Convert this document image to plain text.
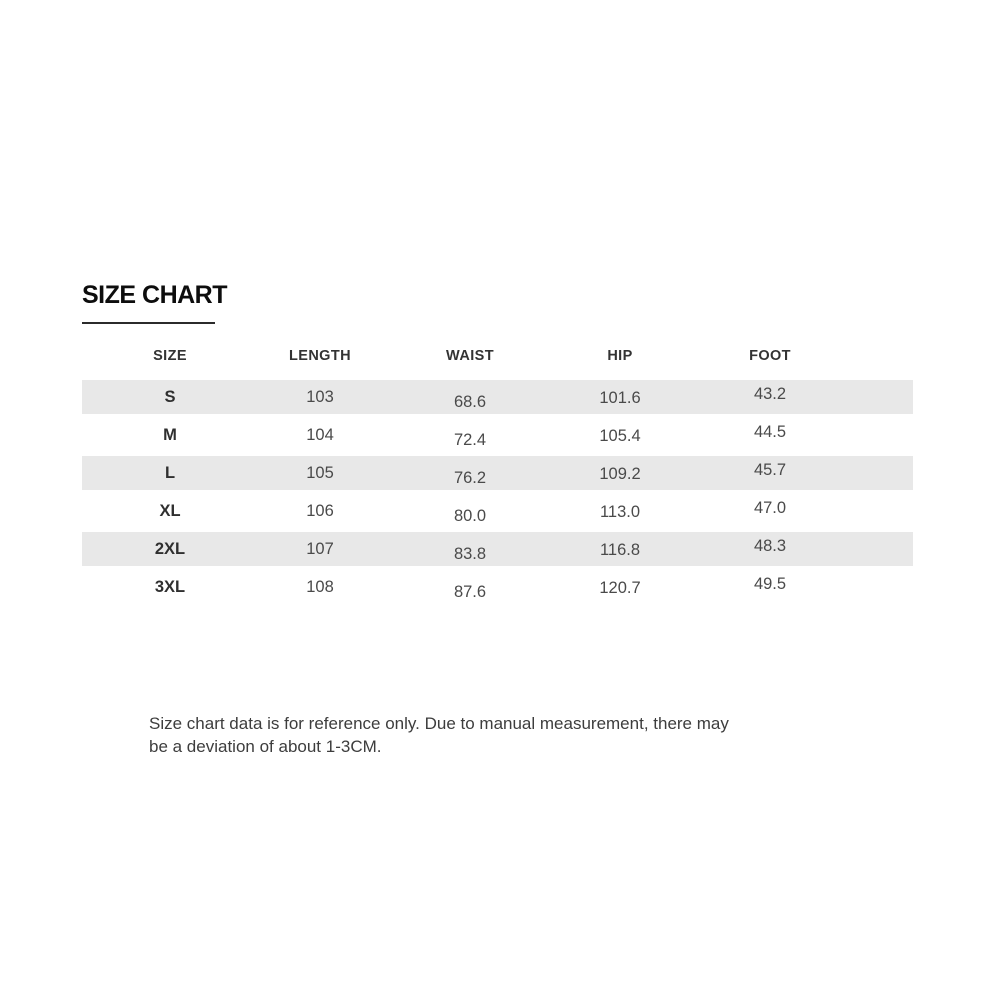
SIZE CHART
SIZE	LENGTH	WAIST	HIP	FOOT
S	103	68.6	101.6	43.2
M	104	72.4	105.4	44.5
L	105	76.2	109.2	45.7
XL	106	80.0	113.0	47.0
2XL	107	83.8	116.8	48.3
3XL	108	87.6	120.7	49.5
Size chart data is for reference only. Due to manual measurement, there may
be a deviation of about 1-3CM.
